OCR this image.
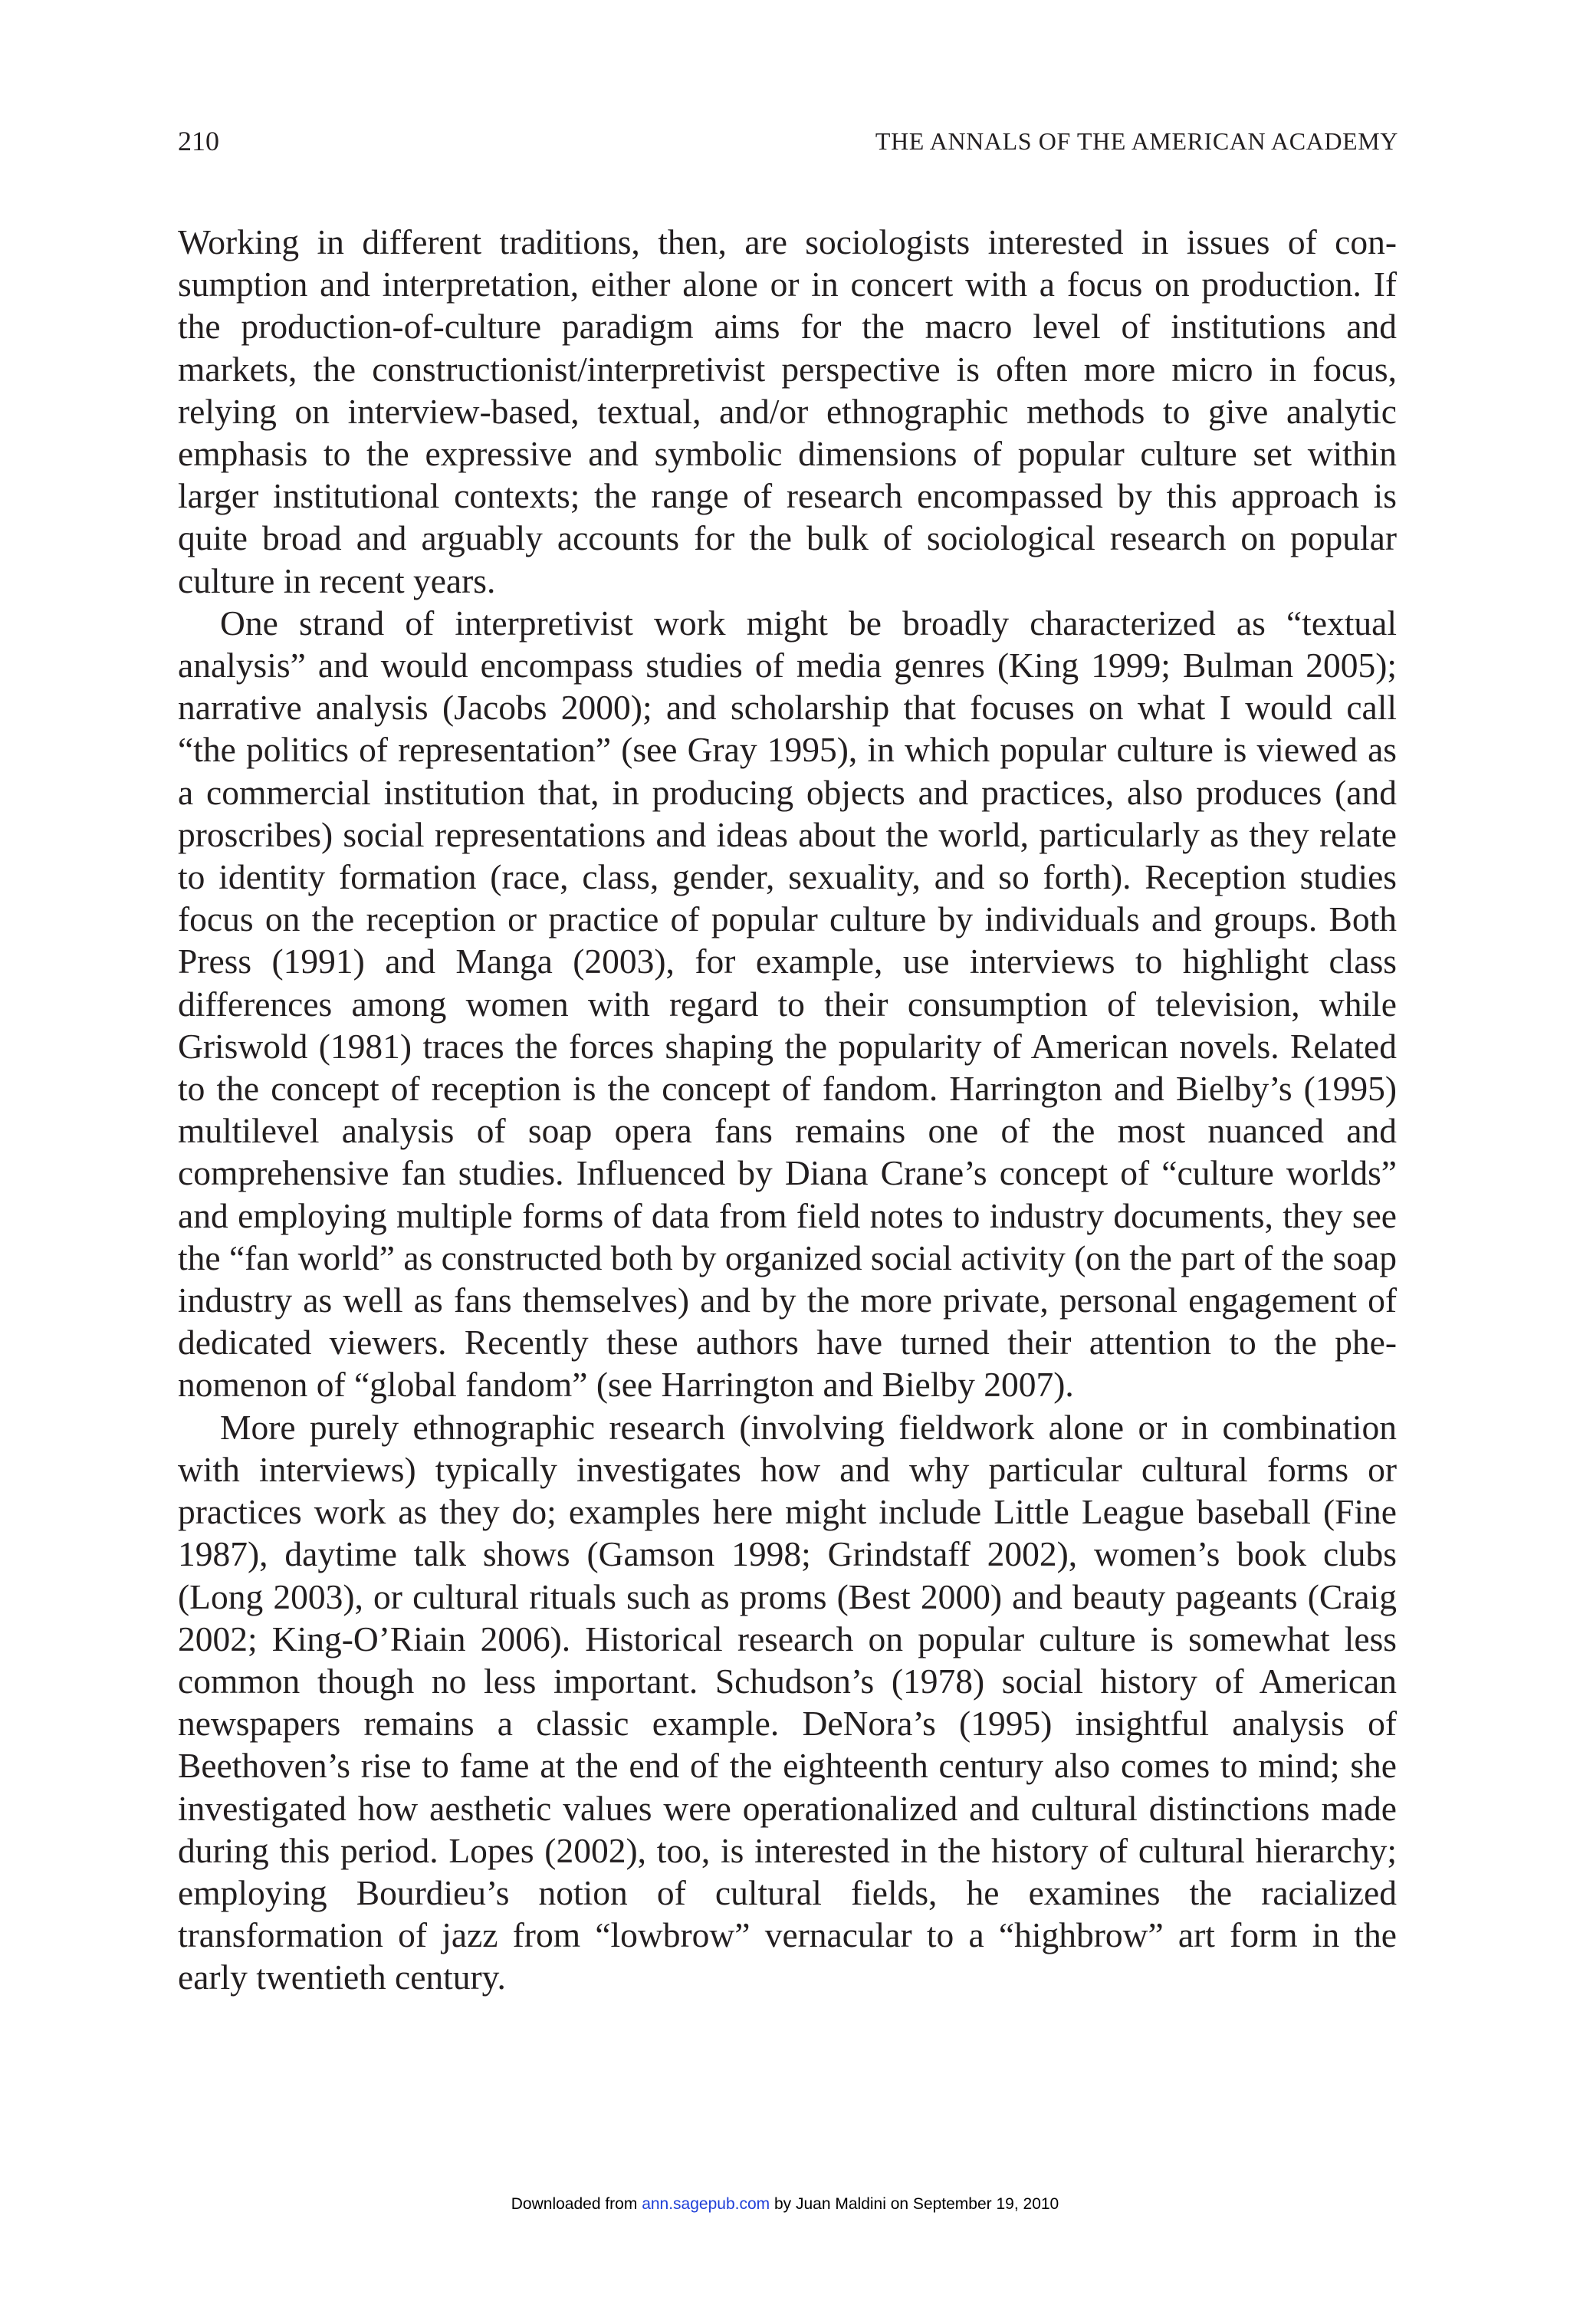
210	THE ANNALS OF THE AMERICAN ACADEMY

Working in different traditions, then, are sociologists interested in issues of consumption and interpretation, either alone or in concert with a focus on production. If the production-of-culture paradigm aims for the macro level of institutions and markets, the constructionist/interpretivist perspective is often more micro in focus, relying on interview-based, textual, and/or ethnographic methods to give analytic emphasis to the expressive and symbolic dimensions of popular culture set within larger institutional contexts; the range of research encompassed by this approach is quite broad and arguably accounts for the bulk of sociological research on popular culture in recent years.

One strand of interpretivist work might be broadly characterized as “textual analysis” and would encompass studies of media genres (King 1999; Bulman 2005); narrative analysis (Jacobs 2000); and scholarship that focuses on what I would call “the politics of representation” (see Gray 1995), in which popular culture is viewed as a commercial institution that, in producing objects and practices, also produces (and proscribes) social representations and ideas about the world, particularly as they relate to identity formation (race, class, gender, sexuality, and so forth). Reception studies focus on the reception or practice of popular culture by individuals and groups. Both Press (1991) and Manga (2003), for example, use interviews to highlight class differences among women with regard to their consumption of television, while Griswold (1981) traces the forces shaping the popularity of American novels. Related to the concept of reception is the concept of fandom. Harrington and Bielby’s (1995) multilevel analysis of soap opera fans remains one of the most nuanced and comprehensive fan studies. Influenced by Diana Crane’s concept of “culture worlds” and employing multiple forms of data from field notes to industry documents, they see the “fan world” as constructed both by organized social activity (on the part of the soap industry as well as fans themselves) and by the more private, personal engagement of dedicated viewers. Recently these authors have turned their attention to the phenomenon of “global fandom” (see Harrington and Bielby 2007).

More purely ethnographic research (involving fieldwork alone or in combination with interviews) typically investigates how and why particular cultural forms or practices work as they do; examples here might include Little League baseball (Fine 1987), daytime talk shows (Gamson 1998; Grindstaff 2002), women’s book clubs (Long 2003), or cultural rituals such as proms (Best 2000) and beauty pageants (Craig 2002; King-O’Riain 2006). Historical research on popular culture is somewhat less common though no less important. Schudson’s (1978) social history of American newspapers remains a classic example. DeNora’s (1995) insightful analysis of Beethoven’s rise to fame at the end of the eighteenth century also comes to mind; she investigated how aesthetic values were operationalized and cultural distinctions made during this period. Lopes (2002), too, is interested in the history of cultural hierarchy; employing Bourdieu’s notion of cultural fields, he examines the racialized transformation of jazz from “lowbrow” vernacular to a “highbrow” art form in the early twentieth century.

Downloaded from ann.sagepub.com by Juan Maldini on September 19, 2010
